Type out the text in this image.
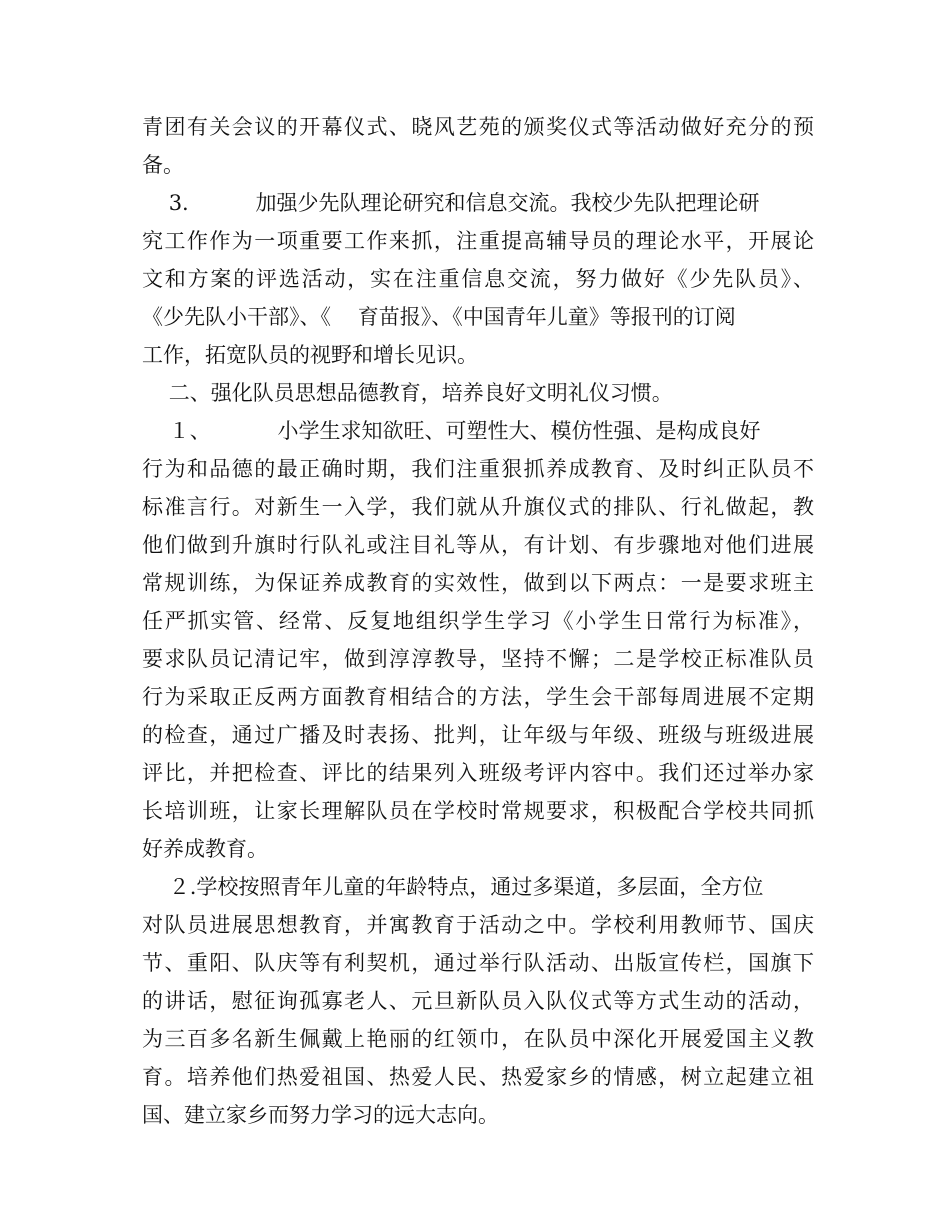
青团有关会议的开幕仪式、晓风艺苑的颁奖仪式等活动做好充分的预
备。
3.          加强少先队理论研究和信息交流。我校少先队把理论研
究工作作为一项重要工作来抓，注重提高辅导员的理论水平，开展论
文和方案的评选活动，实在注重信息交流，努力做好《少先队员》、
《少先队小干部》、《    育苗报》、《中国青年儿童》等报刊的订阅
工作，拓宽队员的视野和增长见识。
二、强化队员思想品德教育，培养良好文明礼仪习惯。
１、          小学生求知欲旺、可塑性大、模仿性强、是构成良好
行为和品德的最正确时期，我们注重狠抓养成教育、及时纠正队员不
标准言行。对新生一入学，我们就从升旗仪式的排队、行礼做起，教
他们做到升旗时行队礼或注目礼等从，有计划、有步骤地对他们进展
常规训练，为保证养成教育的实效性，做到以下两点：一是要求班主
任严抓实管、经常、反复地组织学生学习《小学生日常行为标准》，
要求队员记清记牢，做到淳淳教导，坚持不懈；二是学校正标准队员
行为采取正反两方面教育相结合的方法，学生会干部每周进展不定期
的检查，通过广播及时表扬、批判，让年级与年级、班级与班级进展
评比，并把检查、评比的结果列入班级考评内容中。我们还过举办家
长培训班，让家长理解队员在学校时常规要求，积极配合学校共同抓
好养成教育。
２.学校按照青年儿童的年龄特点，通过多渠道，多层面，全方位
对队员进展思想教育，并寓教育于活动之中。学校利用教师节、国庆
节、重阳、队庆等有利契机，通过举行队活动、出版宣传栏，国旗下
的讲话，慰征询孤寡老人、元旦新队员入队仪式等方式生动的活动，
为三百多名新生佩戴上艳丽的红领巾，在队员中深化开展爱国主义教
育。培养他们热爱祖国、热爱人民、热爱家乡的情感，树立起建立祖
国、建立家乡而努力学习的远大志向。
